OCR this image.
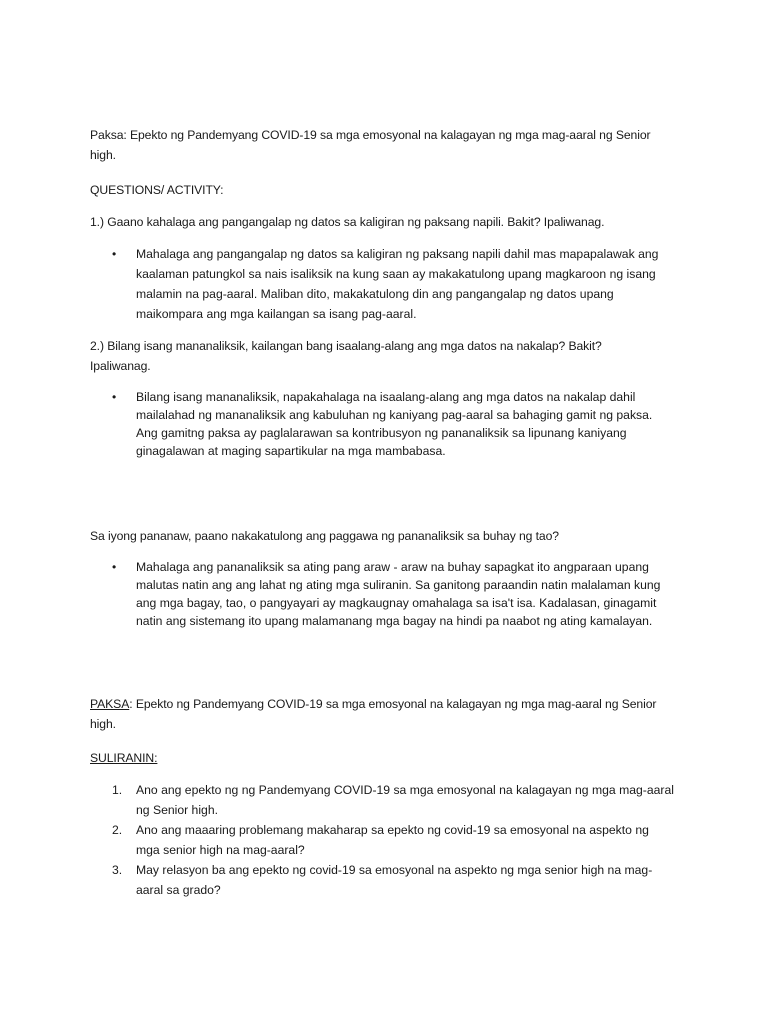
Paksa: Epekto ng Pandemyang COVID-19 sa mga emosyonal na kalagayan ng mga mag-aaral ng Senior
high.
QUESTIONS/ ACTIVITY:
1.) Gaano kahalaga ang pangangalap ng datos sa kaligiran ng paksang napili. Bakit? Ipaliwanag.
•	Mahalaga ang pangangalap ng datos sa kaligiran ng paksang napili dahil mas mapapalawak ang
kaalaman patungkol sa nais isaliksik na kung saan ay makakatulong upang magkaroon ng isang
malamin na pag-aaral. Maliban dito, makakatulong din ang pangangalap ng datos upang
maikompara ang mga kailangan sa isang pag-aaral.
2.) Bilang isang mananaliksik, kailangan bang isaalang-alang ang mga datos na nakalap? Bakit?
Ipaliwanag.
•	Bilang isang mananaliksik, napakahalaga na isaalang-alang ang mga datos na nakalap dahil
mailalahad ng mananaliksik ang kabuluhan ng kaniyang pag-aaral sa bahaging gamit ng paksa.
Ang gamitng paksa ay paglalarawan sa kontribusyon ng pananaliksik sa lipunang kaniyang
ginagalawan at maging sapartikular na mga mambabasa.
Sa iyong pananaw, paano nakakatulong ang paggawa ng pananaliksik sa buhay ng tao?
•	Mahalaga ang pananaliksik sa ating pang araw - araw na buhay sapagkat ito angparaan upang
malutas natin ang ang lahat ng ating mga suliranin. Sa ganitong paraandin natin malalaman kung
ang mga bagay, tao, o pangyayari ay magkaugnay omahalaga sa isa't isa. Kadalasan, ginagamit
natin ang sistemang ito upang malamanang mga bagay na hindi pa naabot ng ating kamalayan.
PAKSA: Epekto ng Pandemyang COVID-19 sa mga emosyonal na kalagayan ng mga mag-aaral ng Senior
high.
SULIRANIN:
1.	Ano ang epekto ng ng Pandemyang COVID-19 sa mga emosyonal na kalagayan ng mga mag-aaral
ng Senior high.
2.	Ano ang maaaring problemang makaharap sa epekto ng covid-19 sa emosyonal na aspekto ng
mga senior high na mag-aaral?
3.	May relasyon ba ang epekto ng covid-19 sa emosyonal na aspekto ng mga senior high na mag-
aaral sa grado?
